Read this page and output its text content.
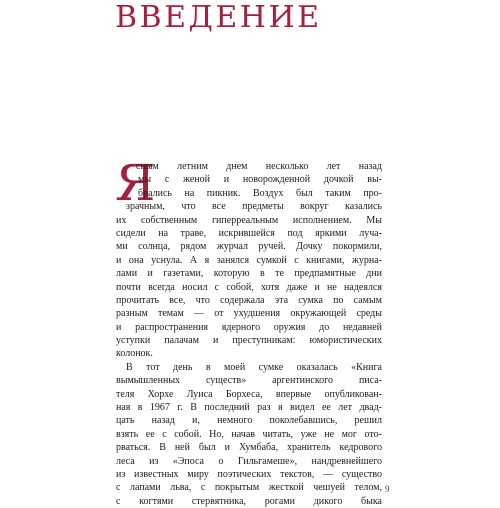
ВВЕДЕНИЕ
Я
сным летним днем несколько лет назад
мы с женой и новорожденной дочкой вы-
брались на пикник. Воздух был таким про-
зрачным, что все предметы вокруг казались
их собственным гиперреальным исполнением. Мы
сидели на траве, искрившейся под яркими луча-
ми солнца, рядом журчал ручей. Дочку покормили,
и она уснула. А я занялся сумкой с книгами, журна-
лами и газетами, которую в те предпамятные дни
почти всегда носил с собой, хотя даже и не надеялся
прочитать все, что содержала эта сумка по самым
разным темам — от ухудшения окружающей среды
и распространения ядерного оружия до недавней
уступки палачам и преступникам: юмористических
колонок.
В тот день в моей сумке оказалась «Книга
вымышленных существ» аргентинского писа-
теля Хорхе Луиса Борхеса, впервые опубликован-
ная в 1967 г. В последний раз я видел ее лет двад-
цать назад и, немного поколебавшись, решил
взять ее с собой. Но, начав читать, уже не мог ото-
рваться. В ней был и Хумбаба, хранитель кедрового
леса из «Эпоса о Гильгамеше», нандревнейшего
из известных миру поэтических текстов, — существо
с лапами льва, с покрытым жесткой чешуей телом,
с когтями стервятника, рогами дикого быка
9
